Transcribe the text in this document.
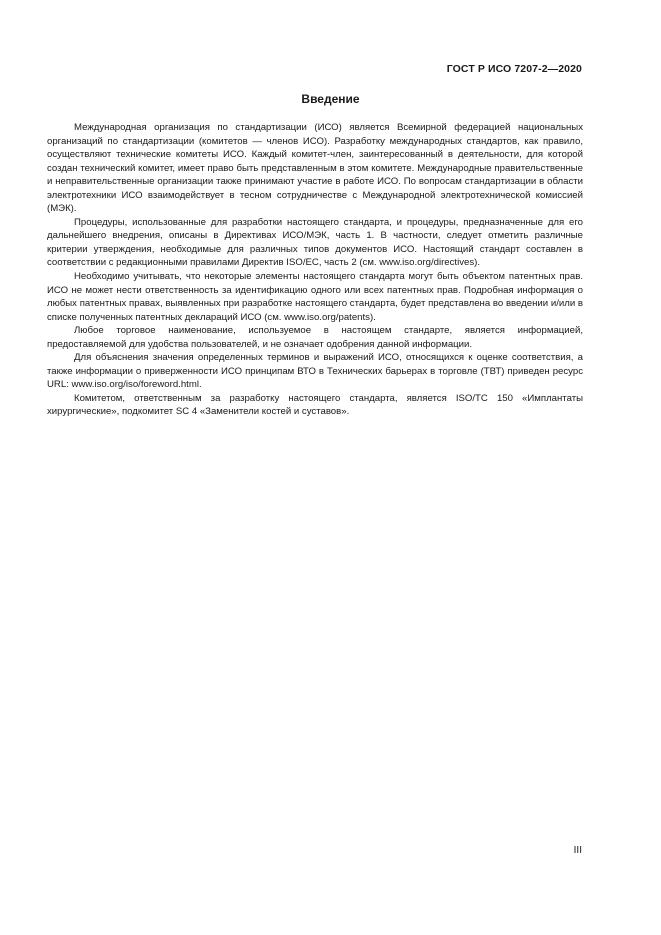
ГОСТ Р ИСО 7207-2—2020
Введение

Международная организация по стандартизации (ИСО) является Всемирной федерацией национальных организаций по стандартизации (комитетов — членов ИСО). Разработку международных стандартов, как правило, осуществляют технические комитеты ИСО. Каждый комитет-член, заинтересованный в деятельности, для которой создан технический комитет, имеет право быть представленным в этом комитете. Международные правительственные и неправительственные организации также принимают участие в работе ИСО. По вопросам стандартизации в области электротехники ИСО взаимодействует в тесном сотрудничестве с Международной электротехнической комиссией (МЭК).

Процедуры, использованные для разработки настоящего стандарта, и процедуры, предназначенные для его дальнейшего внедрения, описаны в Директивах ИСО/МЭК, часть 1. В частности, следует отметить различные критерии утверждения, необходимые для различных типов документов ИСО. Настоящий стандарт составлен в соответствии с редакционными правилами Директив ISO/ЕС, часть 2 (см. www.iso.org/directives).

Необходимо учитывать, что некоторые элементы настоящего стандарта могут быть объектом патентных прав. ИСО не может нести ответственность за идентификацию одного или всех патентных прав. Подробная информация о любых патентных правах, выявленных при разработке настоящего стандарта, будет представлена во введении и/или в списке полученных патентных деклараций ИСО (см. www.iso.org/patents).

Любое торговое наименование, используемое в настоящем стандарте, является информацией, предоставляемой для удобства пользователей, и не означает одобрения данной информации.

Для объяснения значения определенных терминов и выражений ИСО, относящихся к оценке соответствия, а также информации о приверженности ИСО принципам ВТО в Технических барьерах в торговле (ТВТ) приведен ресурс URL: www.iso.org/iso/foreword.html.

Комитетом, ответственным за разработку настоящего стандарта, является ISO/TC 150 «Имплантаты хирургические», подкомитет SC 4 «Заменители костей и суставов».

III
